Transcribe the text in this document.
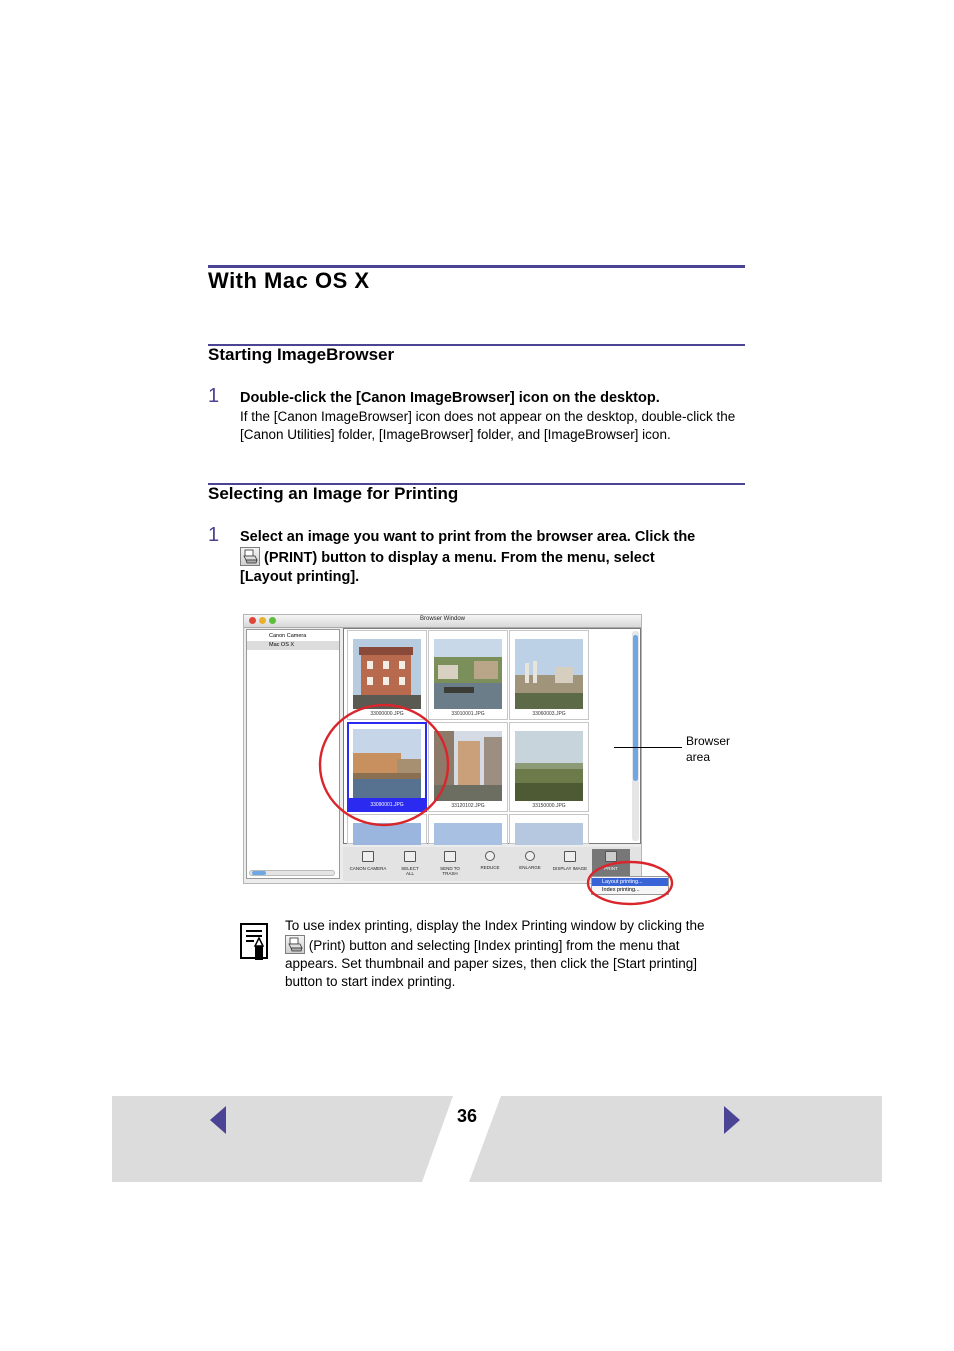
With Mac OS X
Starting ImageBrowser
1 Double-click the [Canon ImageBrowser] icon on the desktop.
If the [Canon ImageBrowser] icon does not appear on the desktop, double-click the [Canon Utilities] folder, [ImageBrowser] folder, and [ImageBrowser] icon.
Selecting an Image for Printing
1 Select an image you want to print from the browser area. Click the
(PRINT) button to display a menu. From the menu, select
[Layout printing].
Browser Window
Canon Camera
Mac OS X
33000000.JPG	33010001.JPG	33060003.JPG
33090001.JPG	33120102.JPG	33150000.JPG
CANON CAMERA	SELECT ALL
SEND TO TRASH
REDUCE	ENLARGE	DISPLAY IMAGE	PRINT
Layout printing...
Index printing...
Browser
area
To use index printing, display the Index Printing window by clicking the
(Print) button and selecting [Index printing] from the menu that
appears. Set thumbnail and paper sizes, then click the [Start printing]
button to start index printing.
36
